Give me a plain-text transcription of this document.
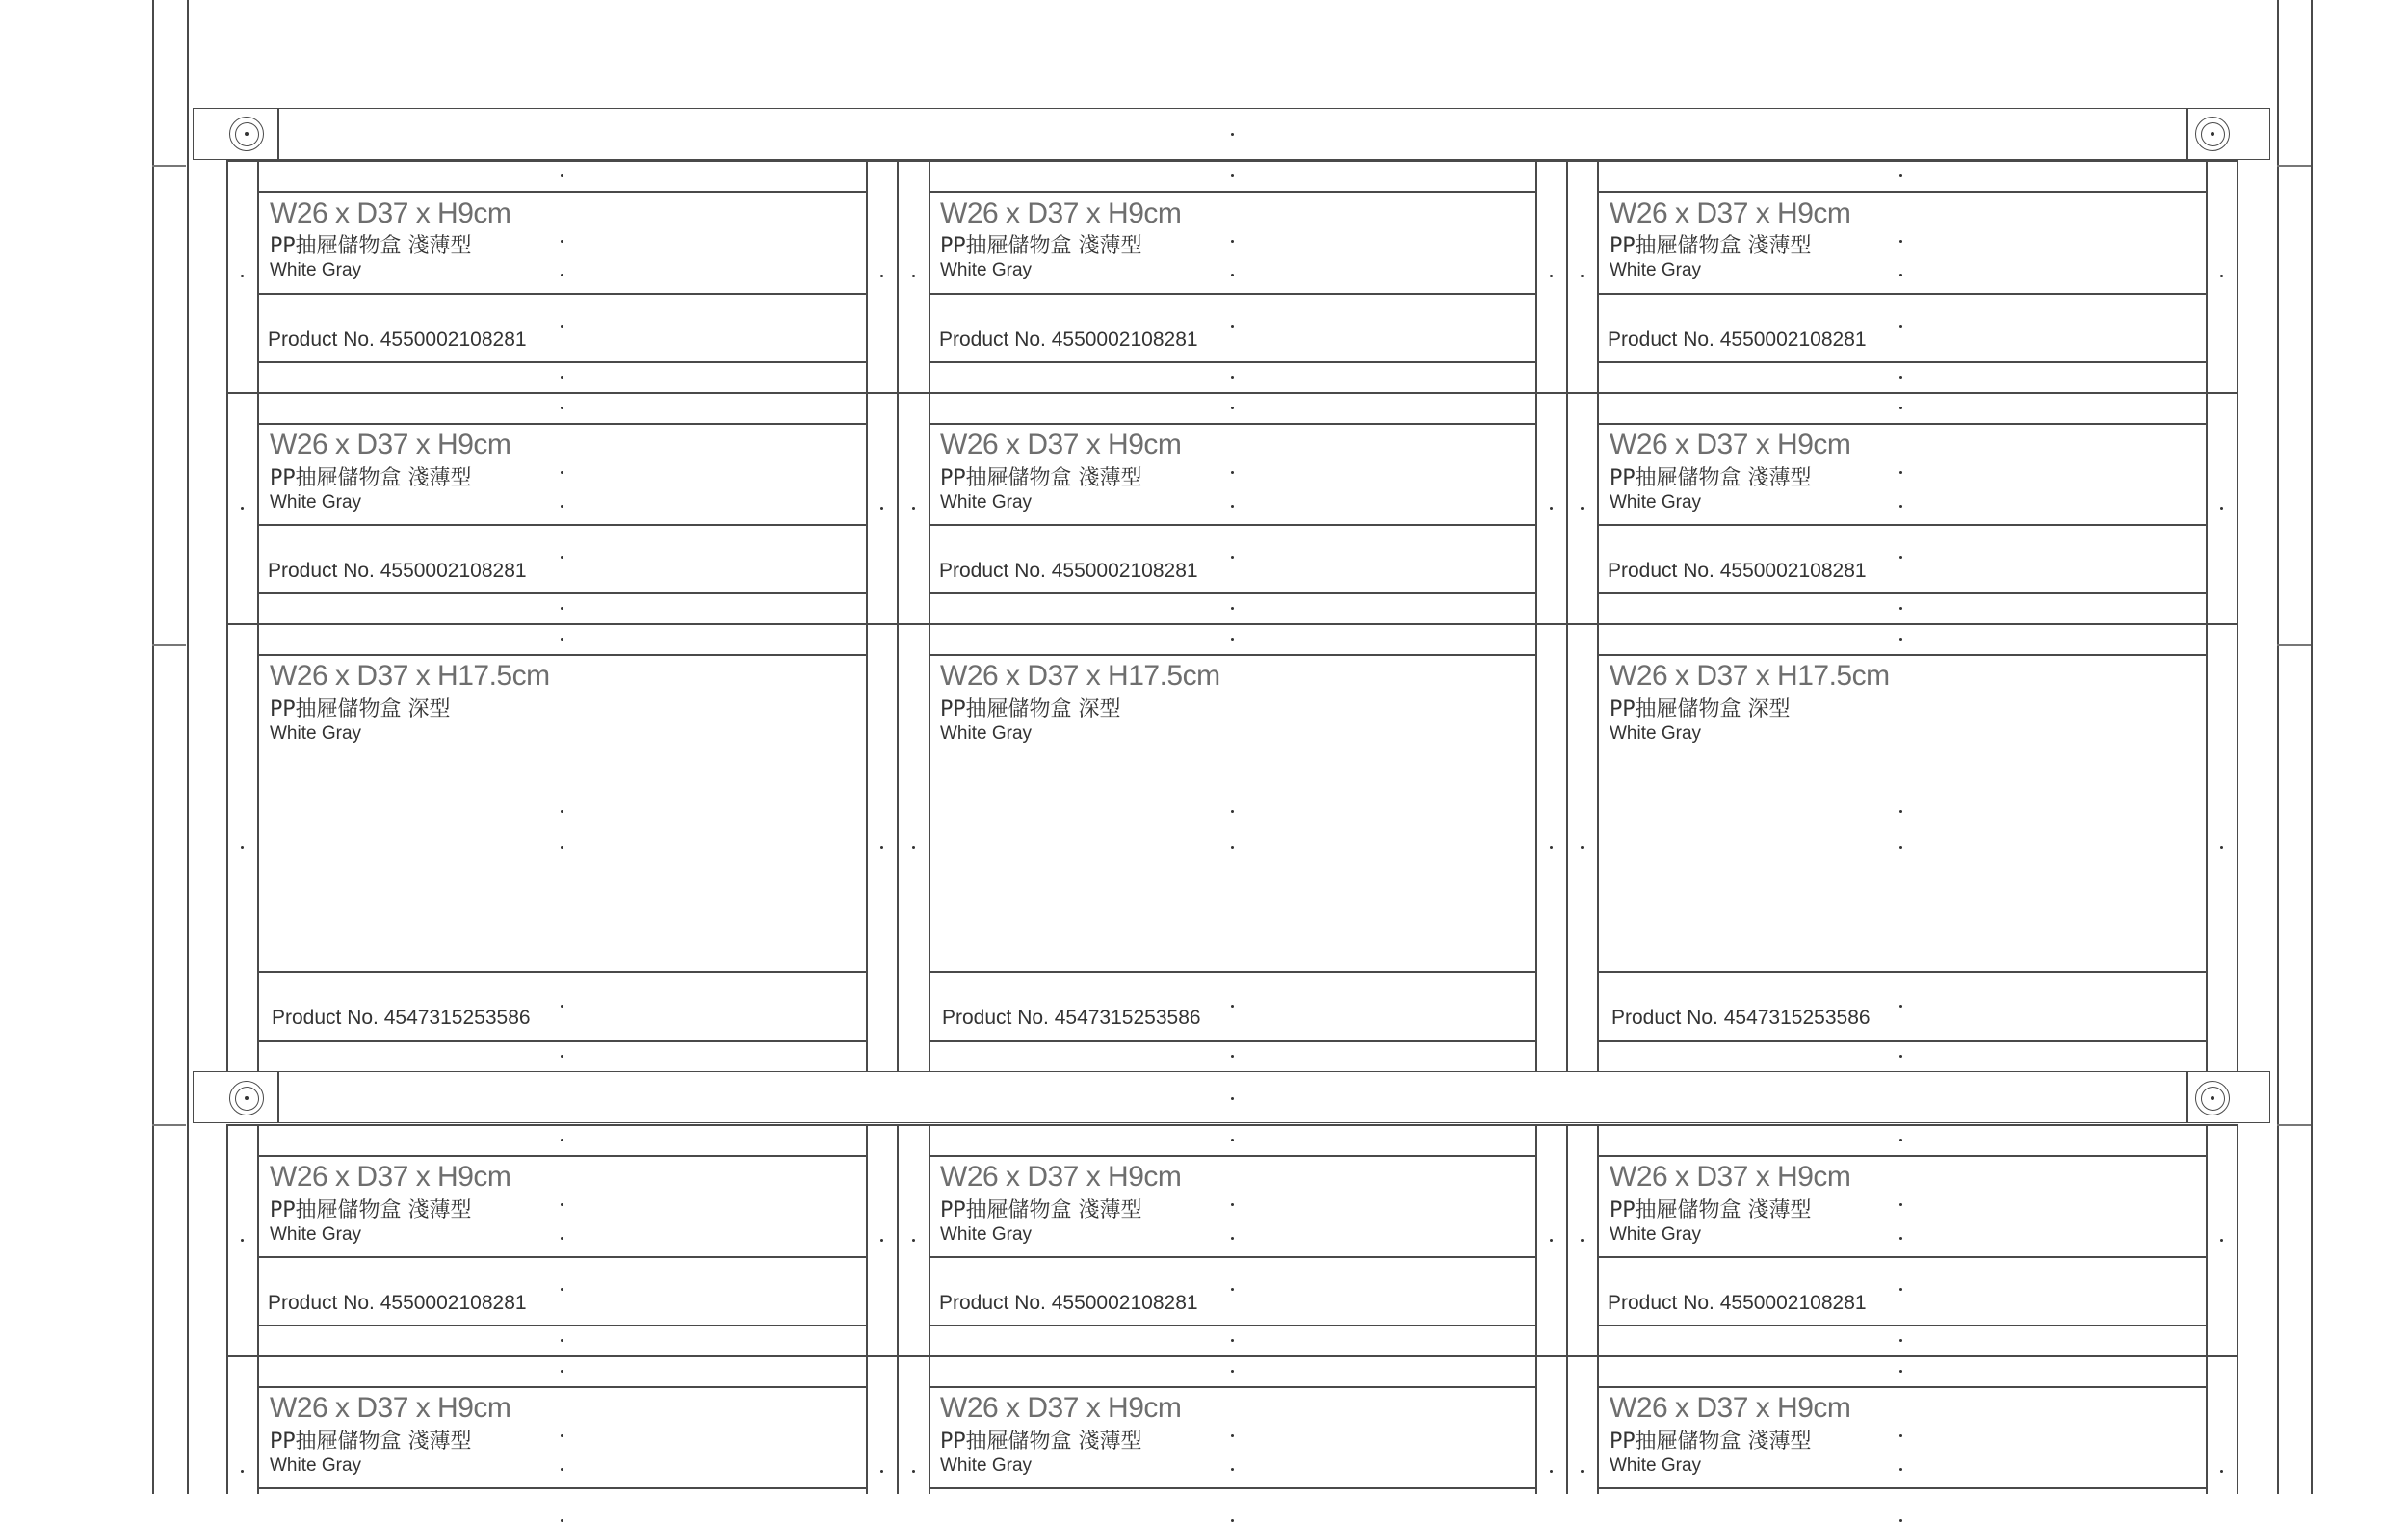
W26 x D37 x H9cm
PP抽屜儲物盒 淺薄型
White Gray
Product No. 4550002108281
W26 x D37 x H9cm
PP抽屜儲物盒 淺薄型
White Gray
Product No. 4550002108281
W26 x D37 x H9cm
PP抽屜儲物盒 淺薄型
White Gray
Product No. 4550002108281
W26 x D37 x H9cm
PP抽屜儲物盒 淺薄型
White Gray
Product No. 4550002108281
W26 x D37 x H9cm
PP抽屜儲物盒 淺薄型
White Gray
Product No. 4550002108281
W26 x D37 x H9cm
PP抽屜儲物盒 淺薄型
White Gray
Product No. 4550002108281
W26 x D37 x H17.5cm
PP抽屜儲物盒 深型
White Gray
Product No. 4547315253586
W26 x D37 x H17.5cm
PP抽屜儲物盒 深型
White Gray
Product No. 4547315253586
W26 x D37 x H17.5cm
PP抽屜儲物盒 深型
White Gray
Product No. 4547315253586
W26 x D37 x H9cm
PP抽屜儲物盒 淺薄型
White Gray
Product No. 4550002108281
W26 x D37 x H9cm
PP抽屜儲物盒 淺薄型
White Gray
Product No. 4550002108281
W26 x D37 x H9cm
PP抽屜儲物盒 淺薄型
White Gray
Product No. 4550002108281
W26 x D37 x H9cm
PP抽屜儲物盒 淺薄型
White Gray
W26 x D37 x H9cm
PP抽屜儲物盒 淺薄型
White Gray
W26 x D37 x H9cm
PP抽屜儲物盒 淺薄型
White Gray
